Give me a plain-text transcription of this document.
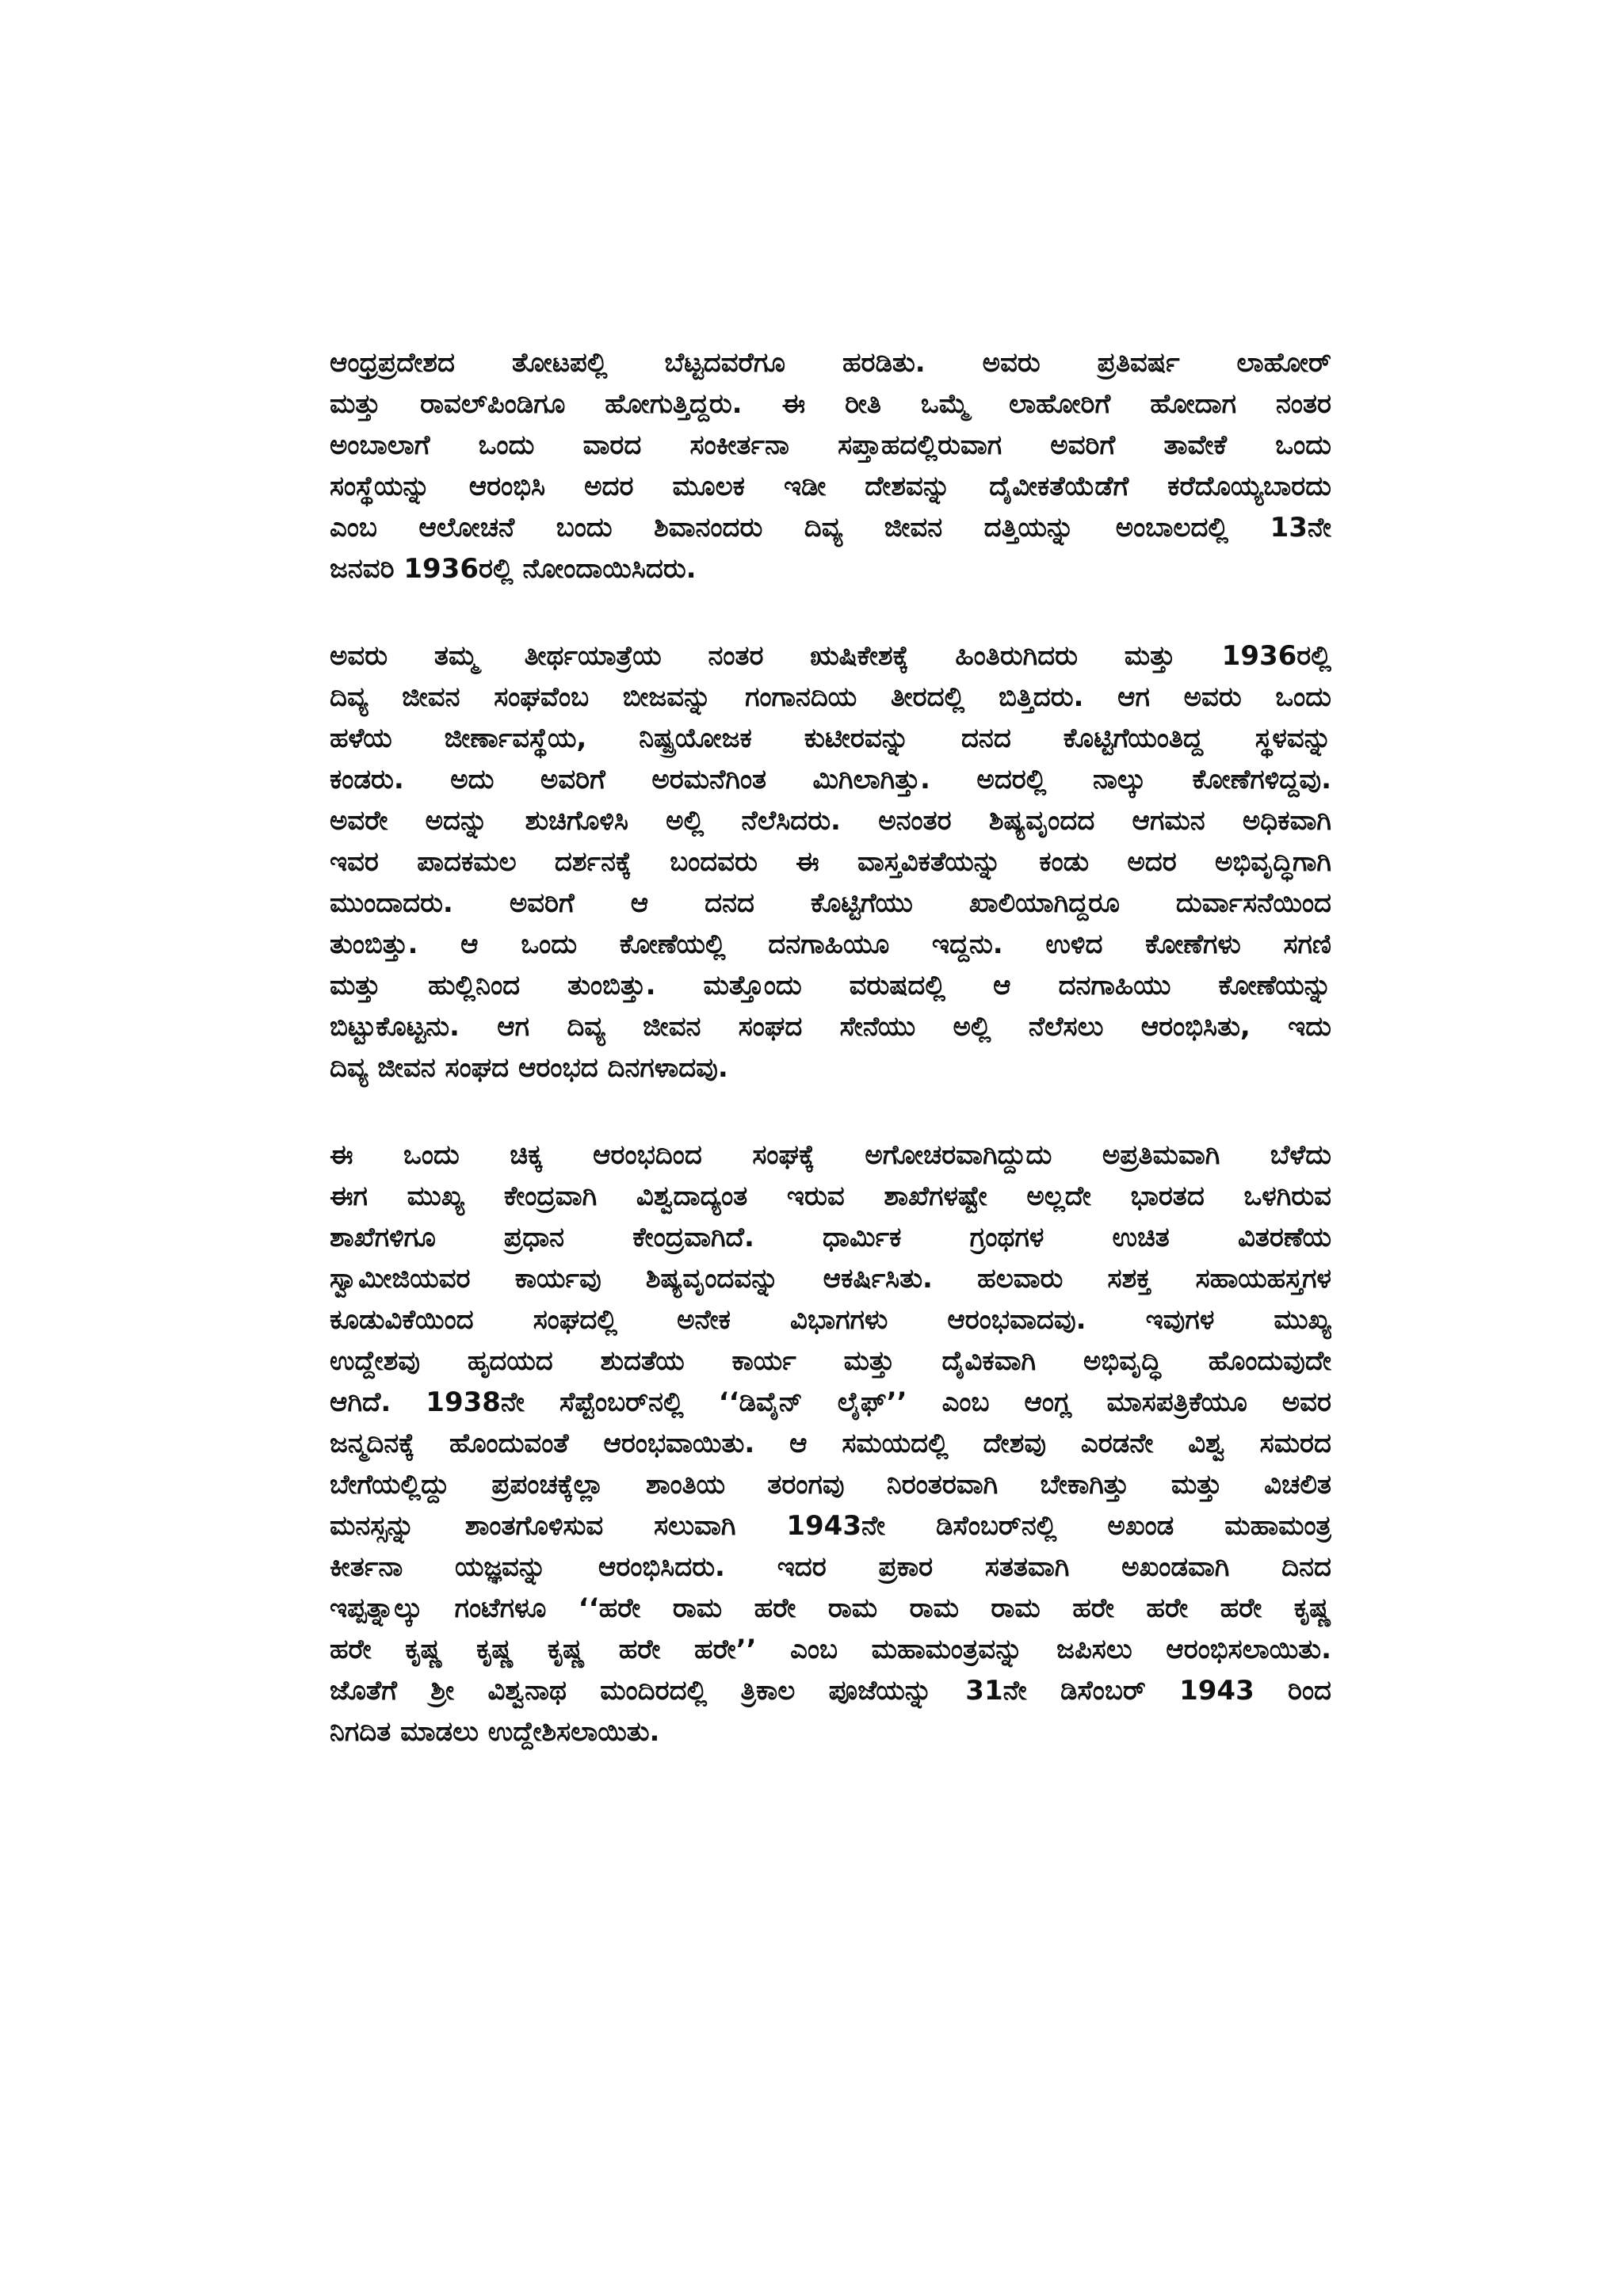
ಆಂಧ್ರಪ್ರದೇಶದ ತೋಟಪಲ್ಲಿ ಬೆಟ್ಟದವರೆಗೂ ಹರಡಿತು. ಅವರು ಪ್ರತಿವರ್ಷ ಲಾಹೋರ್
ಮತ್ತು ರಾವಲ್‌ಪಿಂಡಿಗೂ ಹೋಗುತ್ತಿದ್ದರು. ಈ ರೀತಿ ಒಮ್ಮೆ ಲಾಹೋರಿಗೆ ಹೋದಾಗ ನಂತರ
ಅಂಬಾಲಾಗೆ ಒಂದು ವಾರದ ಸಂಕೀರ್ತನಾ ಸಪ್ತಾಹದಲ್ಲಿರುವಾಗ ಅವರಿಗೆ ತಾವೇಕೆ ಒಂದು
ಸಂಸ್ಥೆಯನ್ನು ಆರಂಭಿಸಿ ಅದರ ಮೂಲಕ ಇಡೀ ದೇಶವನ್ನು ದೈವೀಕತೆಯೆಡೆಗೆ ಕರೆದೊಯ್ಯಬಾರದು
ಎಂಬ ಆಲೋಚನೆ ಬಂದು ಶಿವಾನಂದರು ದಿವ್ಯ ಜೀವನ ದತ್ತಿಯನ್ನು ಅಂಬಾಲದಲ್ಲಿ 13ನೇ
ಜನವರಿ 1936ರಲ್ಲಿ ನೋಂದಾಯಿಸಿದರು.
ಅವರು ತಮ್ಮ ತೀರ್ಥಯಾತ್ರೆಯ ನಂತರ ಋಷಿಕೇಶಕ್ಕೆ ಹಿಂತಿರುಗಿದರು ಮತ್ತು 1936ರಲ್ಲಿ
ದಿವ್ಯ ಜೀವನ ಸಂಘವೆಂಬ ಬೀಜವನ್ನು ಗಂಗಾನದಿಯ ತೀರದಲ್ಲಿ ಬಿತ್ತಿದರು. ಆಗ ಅವರು ಒಂದು
ಹಳೆಯ ಜೀರ್ಣಾವಸ್ಥೆಯ, ನಿಷ್ಪ್ರಯೋಜಕ ಕುಟೀರವನ್ನು ದನದ ಕೊಟ್ಟಿಗೆಯಂತಿದ್ದ ಸ್ಥಳವನ್ನು
ಕಂಡರು. ಅದು ಅವರಿಗೆ ಅರಮನೆಗಿಂತ ಮಿಗಿಲಾಗಿತ್ತು. ಅದರಲ್ಲಿ ನಾಲ್ಕು ಕೋಣೆಗಳಿದ್ದವು.
ಅವರೇ ಅದನ್ನು ಶುಚಿಗೊಳಿಸಿ ಅಲ್ಲಿ ನೆಲೆಸಿದರು. ಅನಂತರ ಶಿಷ್ಯವೃಂದದ ಆಗಮನ ಅಧಿಕವಾಗಿ
ಇವರ ಪಾದಕಮಲ ದರ್ಶನಕ್ಕೆ ಬಂದವರು ಈ ವಾಸ್ತವಿಕತೆಯನ್ನು ಕಂಡು ಅದರ ಅಭಿವೃದ್ಧಿಗಾಗಿ
ಮುಂದಾದರು. ಅವರಿಗೆ ಆ ದನದ ಕೊಟ್ಟಿಗೆಯು ಖಾಲಿಯಾಗಿದ್ದರೂ ದುರ್ವಾಸನೆಯಿಂದ
ತುಂಬಿತ್ತು. ಆ ಒಂದು ಕೋಣೆಯಲ್ಲಿ ದನಗಾಹಿಯೂ ಇದ್ದನು. ಉಳಿದ ಕೋಣೆಗಳು ಸಗಣಿ
ಮತ್ತು ಹುಲ್ಲಿನಿಂದ ತುಂಬಿತ್ತು. ಮತ್ತೊಂದು ವರುಷದಲ್ಲಿ ಆ ದನಗಾಹಿಯು ಕೋಣೆಯನ್ನು
ಬಿಟ್ಟುಕೊಟ್ಟನು. ಆಗ ದಿವ್ಯ ಜೀವನ ಸಂಘದ ಸೇನೆಯು ಅಲ್ಲಿ ನೆಲೆಸಲು ಆರಂಭಿಸಿತು, ಇದು
ದಿವ್ಯ ಜೀವನ ಸಂಘದ ಆರಂಭದ ದಿನಗಳಾದವು.
ಈ ಒಂದು ಚಿಕ್ಕ ಆರಂಭದಿಂದ ಸಂಘಕ್ಕೆ ಅಗೋಚರವಾಗಿದ್ದುದು ಅಪ್ರತಿಮವಾಗಿ ಬೆಳೆದು
ಈಗ ಮುಖ್ಯ ಕೇಂದ್ರವಾಗಿ ವಿಶ್ವದಾದ್ಯಂತ ಇರುವ ಶಾಖೆಗಳಷ್ಟೇ ಅಲ್ಲದೇ ಭಾರತದ ಒಳಗಿರುವ
ಶಾಖೆಗಳಿಗೂ ಪ್ರಧಾನ ಕೇಂದ್ರವಾಗಿದೆ. ಧಾರ್ಮಿಕ ಗ್ರಂಥಗಳ ಉಚಿತ ವಿತರಣೆಯ
ಸ್ವಾಮೀಜಿಯವರ ಕಾರ್ಯವು ಶಿಷ್ಯವೃಂದವನ್ನು ಆಕರ್ಷಿಸಿತು. ಹಲವಾರು ಸಶಕ್ತ ಸಹಾಯಹಸ್ತಗಳ
ಕೂಡುವಿಕೆಯಿಂದ ಸಂಘದಲ್ಲಿ ಅನೇಕ ವಿಭಾಗಗಳು ಆರಂಭವಾದವು. ಇವುಗಳ ಮುಖ್ಯ
ಉದ್ದೇಶವು ಹೃದಯದ ಶುದತೆಯ ಕಾರ್ಯ ಮತ್ತು ದೈವಿಕವಾಗಿ ಅಭಿವೃದ್ಧಿ ಹೊಂದುವುದೇ
ಆಗಿದೆ. 1938ನೇ ಸೆಪ್ಟೆಂಬರ್‌ನಲ್ಲಿ ‘‘ಡಿವೈನ್ ಲೈಫ್’’ ಎಂಬ ಆಂಗ್ಲ ಮಾಸಪತ್ರಿಕೆಯೂ ಅವರ
ಜನ್ಮದಿನಕ್ಕೆ ಹೊಂದುವಂತೆ ಆರಂಭವಾಯಿತು. ಆ ಸಮಯದಲ್ಲಿ ದೇಶವು ಎರಡನೇ ವಿಶ್ವ ಸಮರದ
ಬೇಗೆಯಲ್ಲಿದ್ದು ಪ್ರಪಂಚಕ್ಕೆಲ್ಲಾ ಶಾಂತಿಯ ತರಂಗವು ನಿರಂತರವಾಗಿ ಬೇಕಾಗಿತ್ತು ಮತ್ತು ವಿಚಲಿತ
ಮನಸ್ಸನ್ನು ಶಾಂತಗೊಳಿಸುವ ಸಲುವಾಗಿ 1943ನೇ ಡಿಸೆಂಬರ್‌ನಲ್ಲಿ ಅಖಂಡ ಮಹಾಮಂತ್ರ
ಕೀರ್ತನಾ ಯಜ್ಞವನ್ನು ಆರಂಭಿಸಿದರು. ಇದರ ಪ್ರಕಾರ ಸತತವಾಗಿ ಅಖಂಡವಾಗಿ ದಿನದ
ಇಪ್ಪತ್ನಾಲ್ಕು ಗಂಟೆಗಳೂ ‘‘ಹರೇ ರಾಮ ಹರೇ ರಾಮ ರಾಮ ರಾಮ ಹರೇ ಹರೇ ಹರೇ ಕೃಷ್ಣ
ಹರೇ ಕೃಷ್ಣ ಕೃಷ್ಣ ಕೃಷ್ಣ ಹರೇ ಹರೇ’’ ಎಂಬ ಮಹಾಮಂತ್ರವನ್ನು ಜಪಿಸಲು ಆರಂಭಿಸಲಾಯಿತು.
ಜೊತೆಗೆ ಶ್ರೀ ವಿಶ್ವನಾಥ ಮಂದಿರದಲ್ಲಿ ತ್ರಿಕಾಲ ಪೂಜೆಯನ್ನು 31ನೇ ಡಿಸೆಂಬರ್ 1943 ರಿಂದ
ನಿಗದಿತ ಮಾಡಲು ಉದ್ದೇಶಿಸಲಾಯಿತು.
